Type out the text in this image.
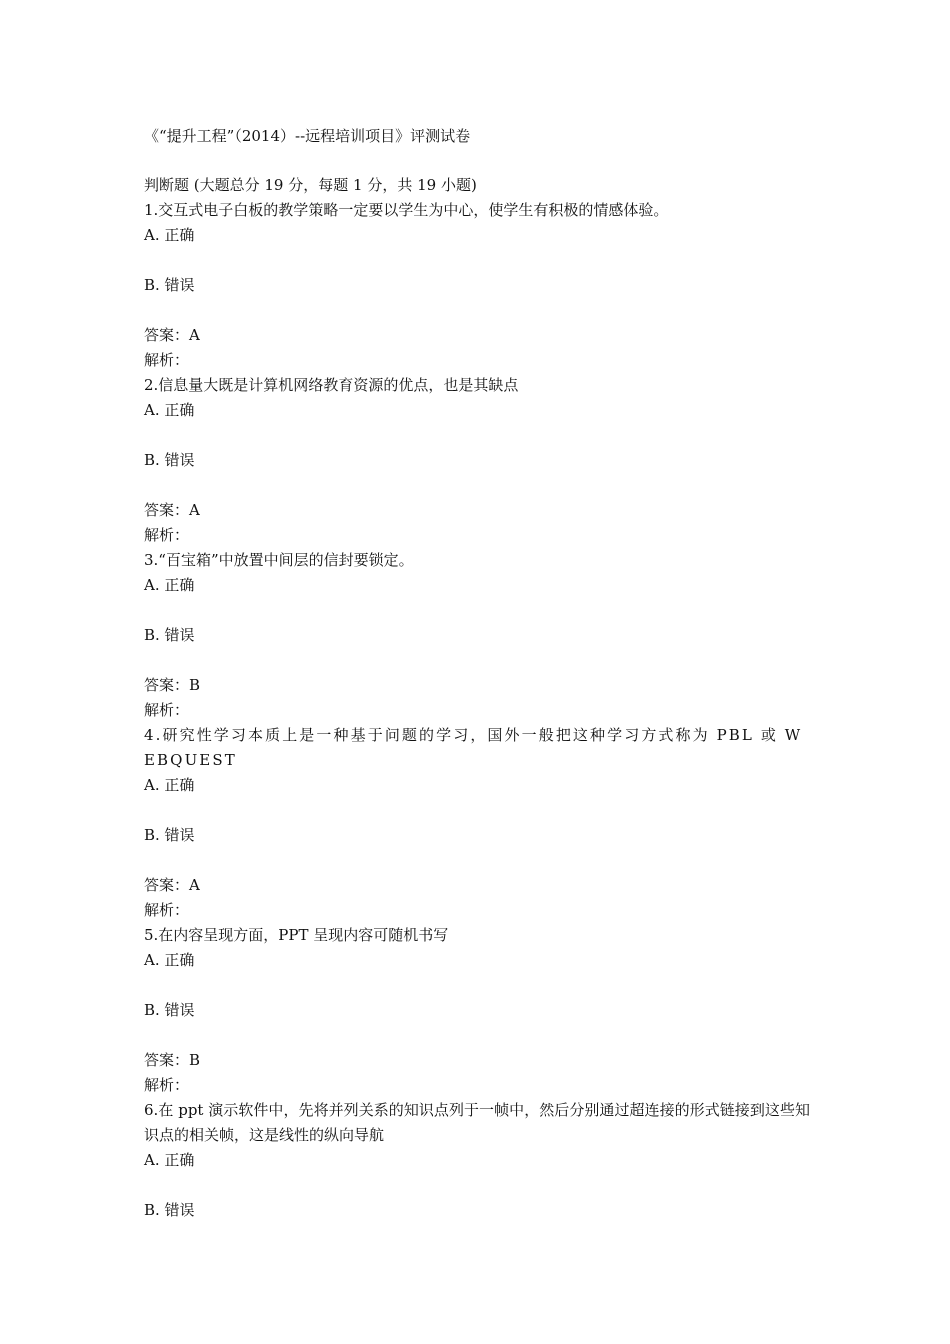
《“提升工程”（2014）--远程培训项目》评测试卷
判断题 (大题总分 19 分，每题 1 分，共 19 小题)
1.交互式电子白板的教学策略一定要以学生为中心，使学生有积极的情感体验。
A. 正确
B. 错误
答案：A
解析：
2.信息量大既是计算机网络教育资源的优点，也是其缺点
A. 正确
B. 错误
答案：A
解析：
3.“百宝箱”中放置中间层的信封要锁定。
A. 正确
B. 错误
答案：B
解析：
4.研究性学习本质上是一种基于问题的学习，国外一般把这种学习方式称为 PBL 或 WEBQUEST
A. 正确
B. 错误
答案：A
解析：
5.在内容呈现方面，PPT 呈现内容可随机书写
A. 正确
B. 错误
答案：B
解析：
6.在 ppt 演示软件中，先将并列关系的知识点列于一帧中，然后分别通过超连接的形式链接到这些知识点的相关帧，这是线性的纵向导航
A. 正确
B. 错误
